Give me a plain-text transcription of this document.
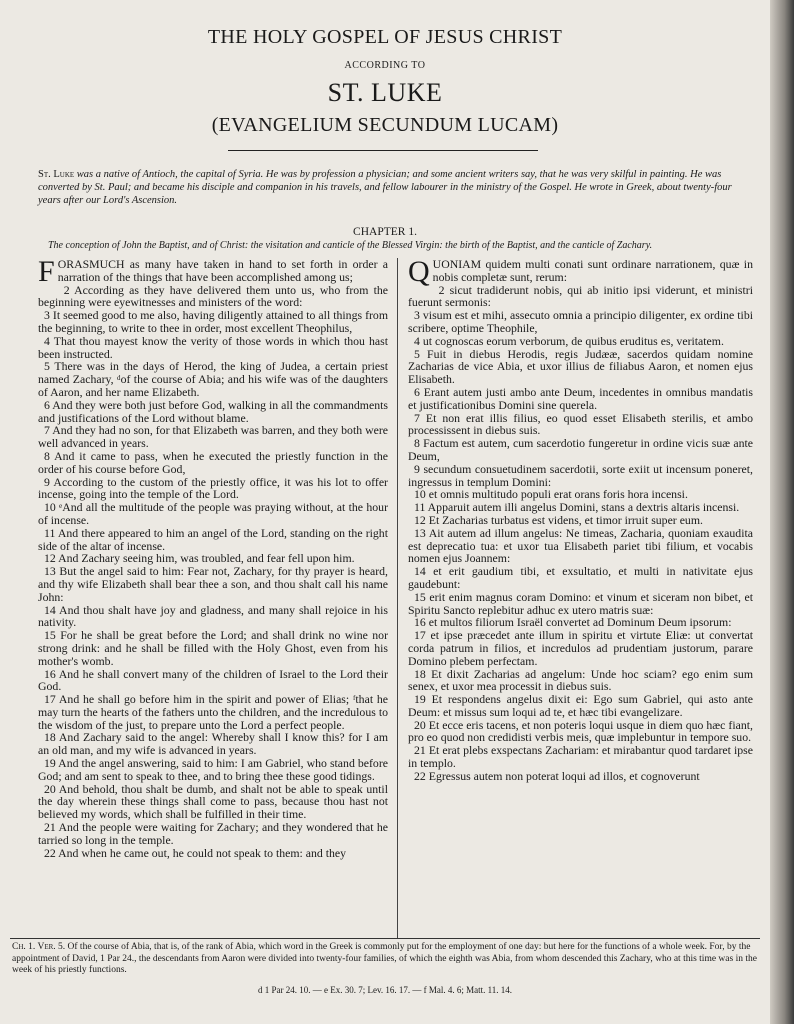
THE HOLY GOSPEL OF JESUS CHRIST
ACCORDING TO
ST. LUKE
(EVANGELIUM SECUNDUM LUCAM)
St. Luke was a native of Antioch, the capital of Syria. He was by profession a physician; and some ancient writers say, that he was very skilful in painting. He was converted by St. Paul; and became his disciple and companion in his travels, and fellow labourer in the ministry of the Gospel. He wrote in Greek, about twenty-four years after our Lord's Ascension.
CHAPTER 1.
The conception of John the Baptist, and of Christ: the visitation and canticle of the Blessed Virgin: the birth of the Baptist, and the canticle of Zachary.
FORASMUCH as many have taken in hand to set forth in order a narration of the things that have been accomplished among us;
2 According as they have delivered them unto us, who from the beginning were eyewitnesses and ministers of the word:
3 It seemed good to me also, having diligently attained to all things from the beginning, to write to thee in order, most excellent Theophilus,
4 That thou mayest know the verity of those words in which thou hast been instructed.
5 There was in the days of Herod, the king of Judea, a certain priest named Zachary, ᵈof the course of Abia; and his wife was of the daughters of Aaron, and her name Elizabeth.
6 And they were both just before God, walking in all the commandments and justifications of the Lord without blame.
7 And they had no son, for that Elizabeth was barren, and they both were well advanced in years.
8 And it came to pass, when he executed the priestly function in the order of his course before God,
9 According to the custom of the priestly office, it was his lot to offer incense, going into the temple of the Lord.
10 ᵉAnd all the multitude of the people was praying without, at the hour of incense.
11 And there appeared to him an angel of the Lord, standing on the right side of the altar of incense.
12 And Zachary seeing him, was troubled, and fear fell upon him.
13 But the angel said to him: Fear not, Zachary, for thy prayer is heard, and thy wife Elizabeth shall bear thee a son, and thou shalt call his name John:
14 And thou shalt have joy and gladness, and many shall rejoice in his nativity.
15 For he shall be great before the Lord; and shall drink no wine nor strong drink: and he shall be filled with the Holy Ghost, even from his mother's womb.
16 And he shall convert many of the children of Israel to the Lord their God.
17 And he shall go before him in the spirit and power of Elias; ᶠthat he may turn the hearts of the fathers unto the children, and the incredulous to the wisdom of the just, to prepare unto the Lord a perfect people.
18 And Zachary said to the angel: Whereby shall I know this? for I am an old man, and my wife is advanced in years.
19 And the angel answering, said to him: I am Gabriel, who stand before God; and am sent to speak to thee, and to bring thee these good tidings.
20 And behold, thou shalt be dumb, and shalt not be able to speak until the day wherein these things shall come to pass, because thou hast not believed my words, which shall be fulfilled in their time.
21 And the people were waiting for Zachary; and they wondered that he tarried so long in the temple.
22 And when he came out, he could not speak to them: and they
QUONIAM quidem multi conati sunt ordinare narrationem, quæ in nobis completæ sunt, rerum:
2 sicut tradiderunt nobis, qui ab initio ipsi viderunt, et ministri fuerunt sermonis:
3 visum est et mihi, assecuto omnia a principio diligenter, ex ordine tibi scribere, optime Theophile,
4 ut cognoscas eorum verborum, de quibus eruditus es, veritatem.
5 Fuit in diebus Herodis, regis Judææ, sacerdos quidam nomine Zacharias de vice Abia, et uxor illius de filiabus Aaron, et nomen ejus Elisabeth.
6 Erant autem justi ambo ante Deum, incedentes in omnibus mandatis et justificationibus Domini sine querela.
7 Et non erat illis filius, eo quod esset Elisabeth sterilis, et ambo processissent in diebus suis.
8 Factum est autem, cum sacerdotio fungeretur in ordine vicis suæ ante Deum,
9 secundum consuetudinem sacerdotii, sorte exiit ut incensum poneret, ingressus in templum Domini:
10 et omnis multitudo populi erat orans foris hora incensi.
11 Apparuit autem illi angelus Domini, stans a dextris altaris incensi.
12 Et Zacharias turbatus est videns, et timor irruit super eum.
13 Ait autem ad illum angelus: Ne timeas, Zacharia, quoniam exaudita est deprecatio tua: et uxor tua Elisabeth pariet tibi filium, et vocabis nomen ejus Joannem:
14 et erit gaudium tibi, et exsultatio, et multi in nativitate ejus gaudebunt:
15 erit enim magnus coram Domino: et vinum et siceram non bibet, et Spiritu Sancto replebitur adhuc ex utero matris suæ:
16 et multos filiorum Israël convertet ad Dominum Deum ipsorum:
17 et ipse præcedet ante illum in spiritu et virtute Eliæ: ut convertat corda patrum in filios, et incredulos ad prudentiam justorum, parare Domino plebem perfectam.
18 Et dixit Zacharias ad angelum: Unde hoc sciam? ego enim sum senex, et uxor mea processit in diebus suis.
19 Et respondens angelus dixit ei: Ego sum Gabriel, qui asto ante Deum: et missus sum loqui ad te, et hæc tibi evangelizare.
20 Et ecce eris tacens, et non poteris loqui usque in diem quo hæc fiant, pro eo quod non credidisti verbis meis, quæ implebuntur in tempore suo.
21 Et erat plebs exspectans Zachariam: et mirabantur quod tardaret ipse in templo.
22 Egressus autem non poterat loqui ad illos, et cognoverunt
Ch. 1. Ver. 5. Of the course of Abia, that is, of the rank of Abia, which word in the Greek is commonly put for the employment of one day: but here for the functions of a whole week. For, by the appointment of David, 1 Par 24., the descendants from Aaron were divided into twenty-four families, of which the eighth was Abia, from whom descended this Zachary, who at this time was in the week of his priestly functions.
d 1 Par 24. 10. — e Ex. 30. 7; Lev. 16. 17. — f Mal. 4. 6; Matt. 11. 14.
